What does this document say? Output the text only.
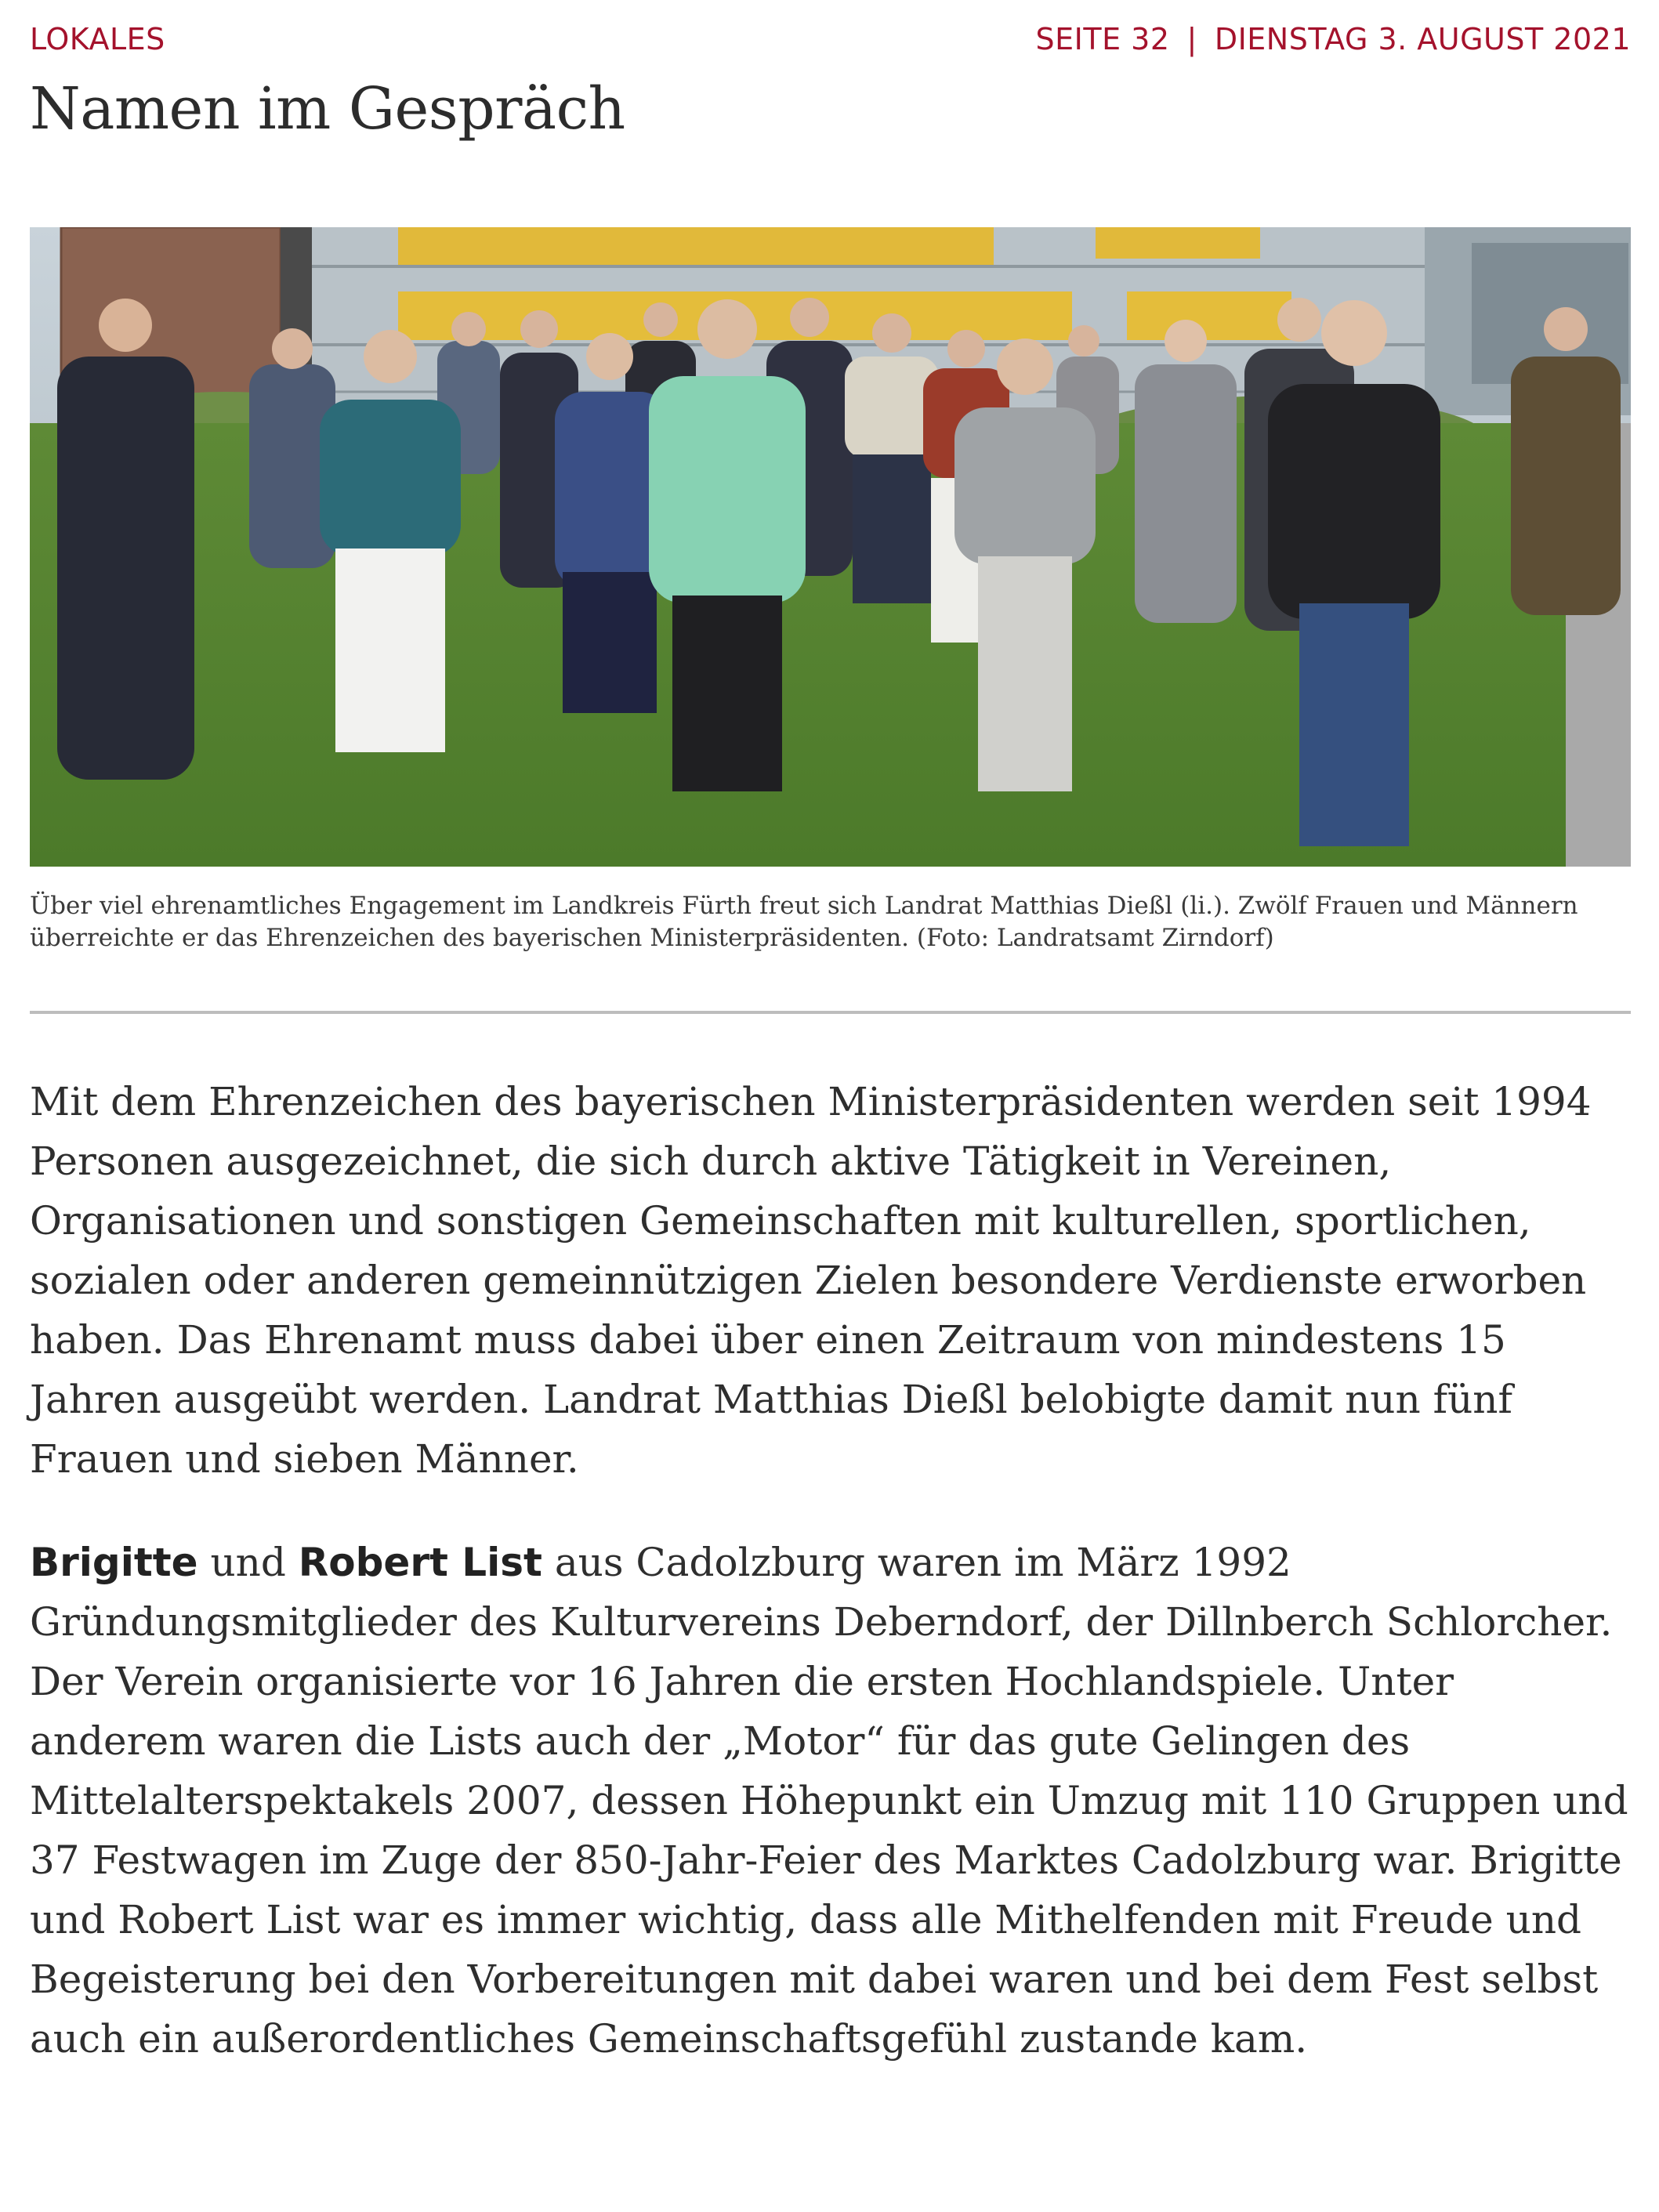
LOKALES	SEITE 32 | DIENSTAG 3. AUGUST 2021
Namen im Gespräch

Über viel ehrenamtliches Engagement im Landkreis Fürth freut sich Landrat Matthias Dießl (li.). Zwölf Frauen und Männern überreichte er das Ehrenzeichen des bayerischen Ministerpräsidenten. (Foto: Landratsamt Zirndorf)

Mit dem Ehrenzeichen des bayerischen Ministerpräsidenten werden seit 1994 Personen ausgezeichnet, die sich durch aktive Tätigkeit in Vereinen, Organisationen und sonstigen Gemeinschaften mit kulturellen, sportlichen, sozialen oder anderen gemeinnützigen Zielen besondere Verdienste erworben haben. Das Ehrenamt muss dabei über einen Zeitraum von mindestens 15 Jahren ausgeübt werden. Landrat Matthias Dießl belobigte damit nun fünf Frauen und sieben Männer.

Brigitte und Robert List aus Cadolzburg waren im März 1992 Gründungsmitglieder des Kulturvereins Deberndorf, der Dillnberch Schlorcher. Der Verein organisierte vor 16 Jahren die ersten Hochlandspiele. Unter anderem waren die Lists auch der „Motor“ für das gute Gelingen des Mittelalterspektakels 2007, dessen Höhepunkt ein Umzug mit 110 Gruppen und 37 Festwagen im Zuge der 850-Jahr-Feier des Marktes Cadolzburg war. Brigitte und Robert List war es immer wichtig, dass alle Mithelfenden mit Freude und Begeisterung bei den Vorbereitungen mit dabei waren und bei dem Fest selbst auch ein außerordentliches Gemeinschaftsgefühl zustande kam.
